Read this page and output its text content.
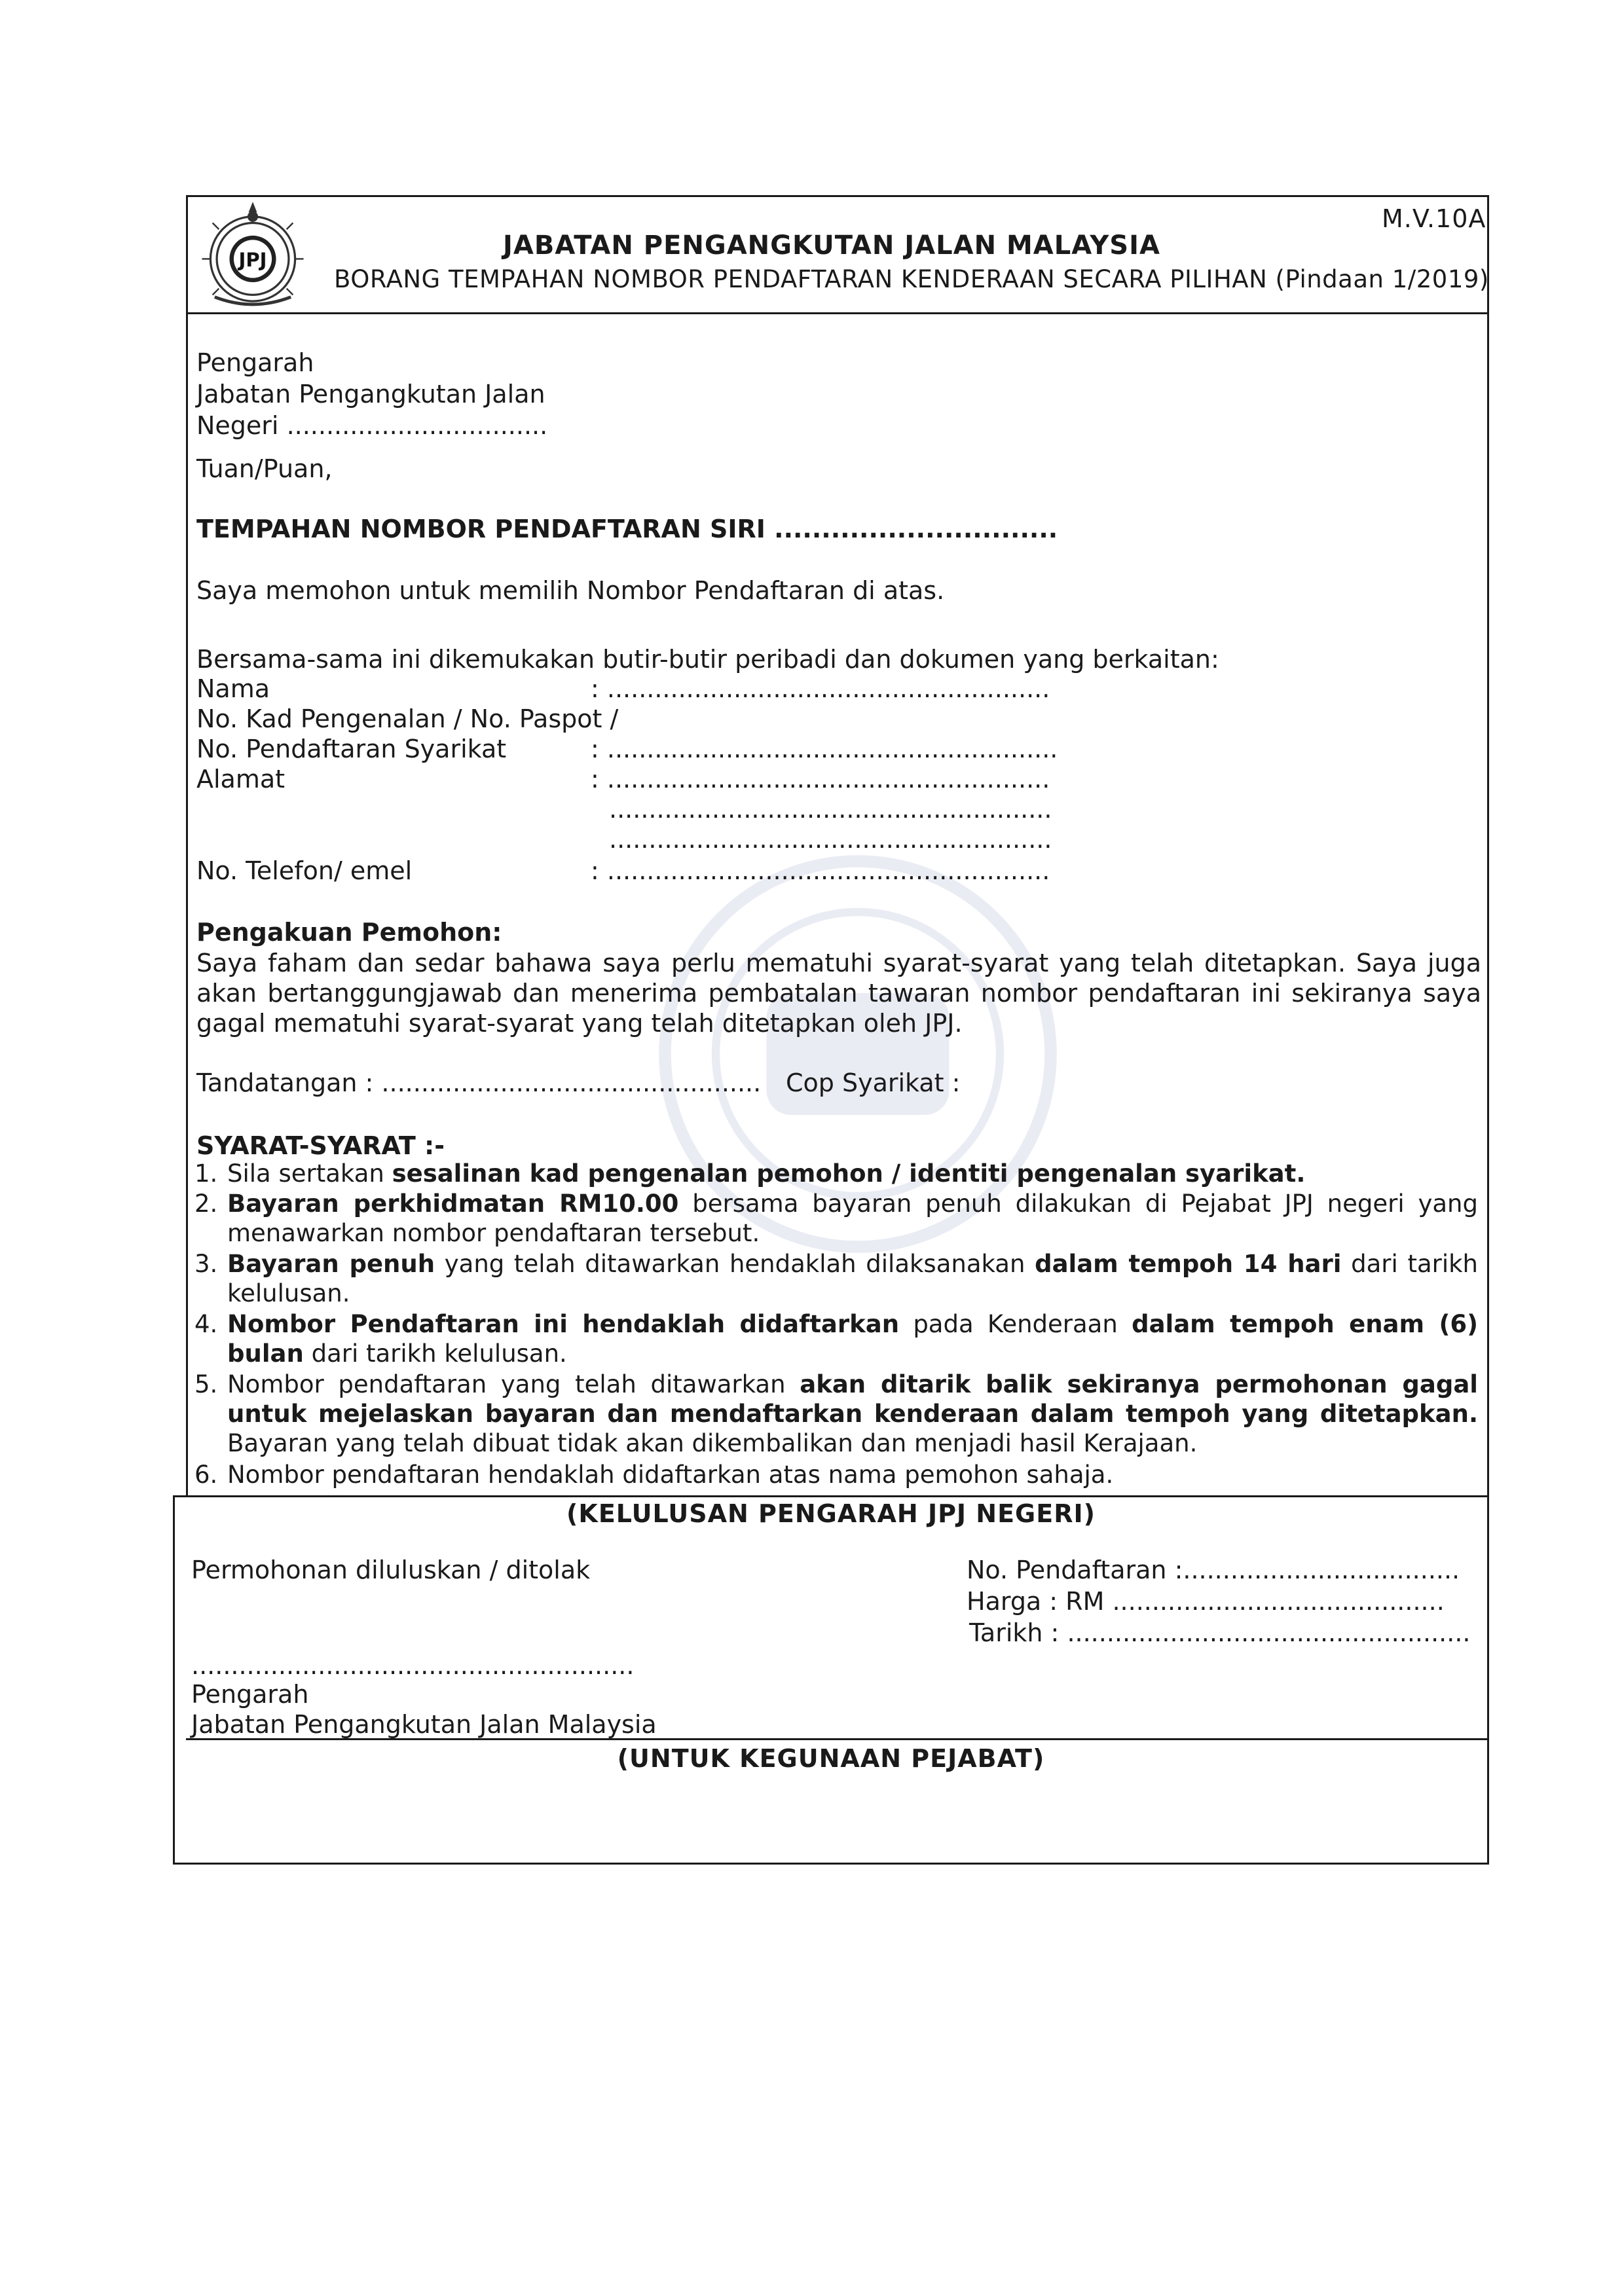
JPJ
M.V.10A
JABATAN PENGANGKUTAN JALAN MALAYSIA
BORANG TEMPAHAN NOMBOR PENDAFTARAN KENDERAAN SECARA PILIHAN (Pindaan 1/2019)
Pengarah
Jabatan Pengangkutan Jalan
Negeri .................................
Tuan/Puan,
TEMPAHAN NOMBOR PENDAFTARAN SIRI ..............................
Saya memohon untuk memilih Nombor Pendaftaran di atas.
Bersama-sama ini dikemukakan butir-butir peribadi dan dokumen yang berkaitan:
Nama	: ........................................................
No. Kad Pengenalan / No. Paspot /
No. Pendaftaran Syarikat	: .........................................................
Alamat	: ........................................................
........................................................
........................................................
No. Telefon/ emel	: ........................................................
Pengakuan Pemohon:
Saya faham dan sedar bahawa saya perlu mematuhi syarat-syarat yang telah ditetapkan. Saya juga akan bertanggungjawab dan menerima pembatalan tawaran nombor pendaftaran ini sekiranya saya gagal mematuhi syarat-syarat yang telah ditetapkan oleh JPJ.
Tandatangan : ................................................ Cop Syarikat :
SYARAT-SYARAT :-
1. Sila sertakan sesalinan kad pengenalan pemohon / identiti pengenalan syarikat.
2. Bayaran perkhidmatan RM10.00 bersama bayaran penuh dilakukan di Pejabat JPJ negeri yang menawarkan nombor pendaftaran tersebut.
3. Bayaran penuh yang telah ditawarkan hendaklah dilaksanakan dalam tempoh 14 hari dari tarikh kelulusan.
4. Nombor Pendaftaran ini hendaklah didaftarkan pada Kenderaan dalam tempoh enam (6) bulan dari tarikh kelulusan.
5. Nombor pendaftaran yang telah ditawarkan akan ditarik balik sekiranya permohonan gagal untuk mejelaskan bayaran dan mendaftarkan kenderaan dalam tempoh yang ditetapkan. Bayaran yang telah dibuat tidak akan dikembalikan dan menjadi hasil Kerajaan.
6. Nombor pendaftaran hendaklah didaftarkan atas nama pemohon sahaja.
(KELULUSAN PENGARAH JPJ NEGERI)
Permohonan diluluskan / ditolak	No. Pendaftaran :...................................
Harga : RM ..........................................
Tarikh : ...................................................
........................................................
Pengarah
Jabatan Pengangkutan Jalan Malaysia
(UNTUK KEGUNAAN PEJABAT)
